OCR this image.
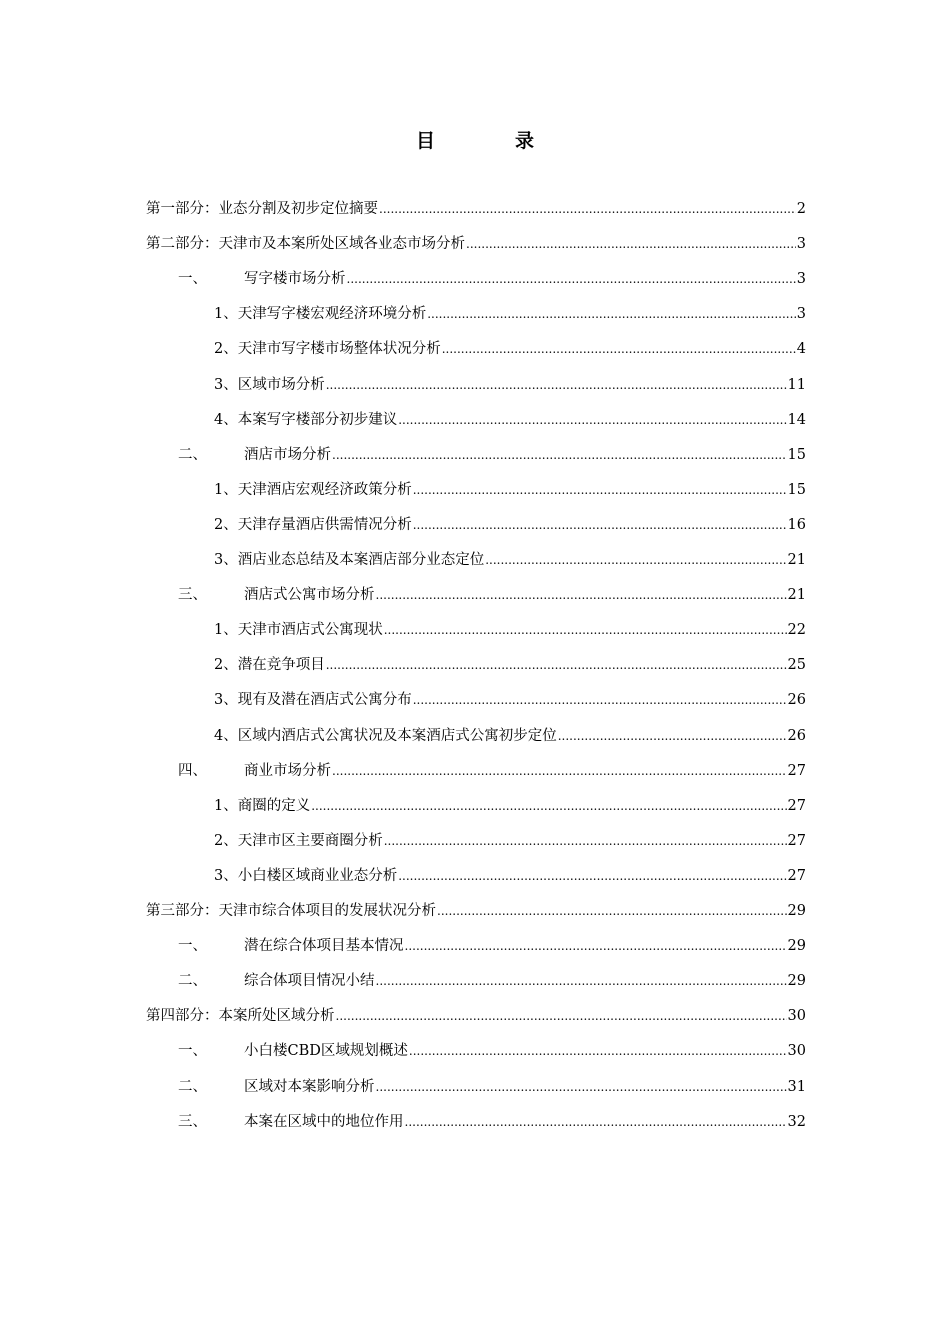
目	录
第一部分：业态分割及初步定位摘要 .....	2
第二部分：天津市及本案所处区域各业态市场分析 .....	3
一、	写字楼市场分析 .....	3
1、天津写字楼宏观经济环境分析 .....	3
2、天津市写字楼市场整体状况分析 .....	4
3、区域市场分析 .....	11
4、本案写字楼部分初步建议 .....	14
二、	酒店市场分析 .....	15
1、天津酒店宏观经济政策分析 .....	15
2、天津存量酒店供需情况分析 .....	16
3、酒店业态总结及本案酒店部分业态定位 .....	21
三、	酒店式公寓市场分析 .....	21
1、天津市酒店式公寓现状 .....	22
2、潜在竞争项目 .....	25
3、现有及潜在酒店式公寓分布 .....	26
4、区域内酒店式公寓状况及本案酒店式公寓初步定位 .....	26
四、	商业市场分析 .....	27
1、商圈的定义 .....	27
2、天津市区主要商圈分析 .....	27
3、小白楼区域商业业态分析 .....	27
第三部分：天津市综合体项目的发展状况分析 .....	29
一、	潜在综合体项目基本情况 .....	29
二、	综合体项目情况小结 .....	29
第四部分：本案所处区域分析 .....	30
一、	小白楼CBD区域规划概述 .....	30
二、	区域对本案影响分析 .....	31
三、	本案在区域中的地位作用 .....	32
